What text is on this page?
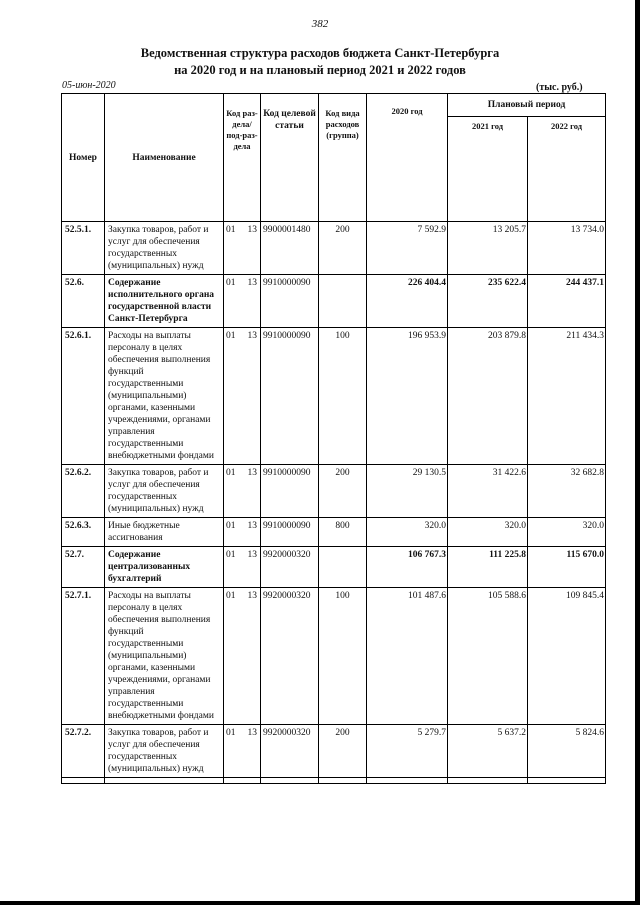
382
Ведомственная структура расходов бюджета Санкт-Петербурга
на 2020 год и на плановый период 2021 и 2022 годов
05-июн-2020	(тыс. руб.)
Номер	Наименование	Код раз-дела/ под-раз-дела		Код целевой статьи	Код вида расходов (группа)	2020 год	Плановый период	
							2021 год	2022 год
52.5.1.	Закупка товаров, работ и услуг для обеспечения государственных (муниципальных) нужд	01	13	9900001480	200	7 592.9	13 205.7	13 734.0
52.6.	Содержание исполнительного органа государственной власти Санкт-Петербурга	01	13	9910000090		226 404.4	235 622.4	244 437.1
52.6.1.	Расходы на выплаты персоналу в целях обеспечения выполнения функций государственными (муниципальными) органами, казенными учреждениями, органами управления государственными внебюджетными фондами	01	13	9910000090	100	196 953.9	203 879.8	211 434.3
52.6.2.	Закупка товаров, работ и услуг для обеспечения государственных (муниципальных) нужд	01	13	9910000090	200	29 130.5	31 422.6	32 682.8
52.6.3.	Иные бюджетные ассигнования	01	13	9910000090	800	320.0	320.0	320.0
52.7.	Содержание централизованных бухгалтерий	01	13	9920000320		106 767.3	111 225.8	115 670.0
52.7.1.	Расходы на выплаты персоналу в целях обеспечения выполнения функций государственными (муниципальными) органами, казенными учреждениями, органами управления государственными внебюджетными фондами	01	13	9920000320	100	101 487.6	105 588.6	109 845.4
52.7.2.	Закупка товаров, работ и услуг для обеспечения государственных (муниципальных) нужд	01	13	9920000320	200	5 279.7	5 637.2	5 824.6
